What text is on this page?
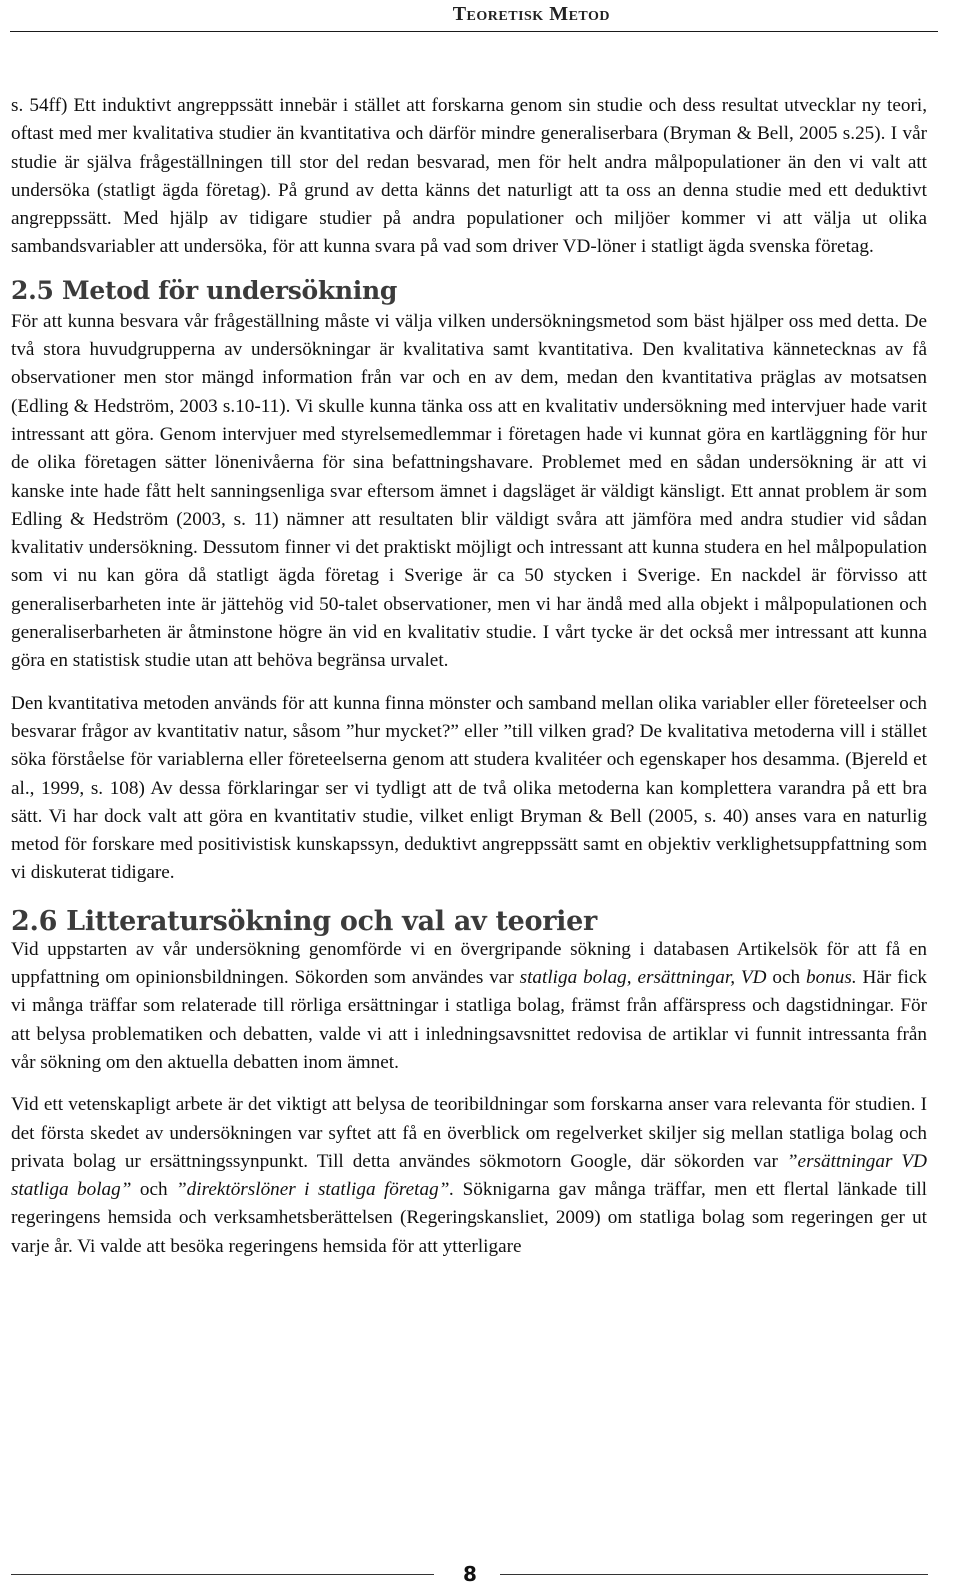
Teoretisk Metod

s. 54ff) Ett induktivt angreppssätt innebär i stället att forskarna genom sin studie och dess resultat utvecklar ny teori, oftast med mer kvalitativa studier än kvantitativa och därför mindre generaliserbara (Bryman & Bell, 2005 s.25). I vår studie är själva frågeställningen till stor del redan besvarad, men för helt andra målpopulationer än den vi valt att undersöka (statligt ägda företag). På grund av detta känns det naturligt att ta oss an denna studie med ett deduktivt angreppssätt. Med hjälp av tidigare studier på andra populationer och miljöer kommer vi att välja ut olika sambandsvariabler att undersöka, för att kunna svara på vad som driver VD-löner i statligt ägda svenska företag.

2.5 Metod för undersökning

För att kunna besvara vår frågeställning måste vi välja vilken undersökningsmetod som bäst hjälper oss med detta. De två stora huvudgrupperna av undersökningar är kvalitativa samt kvantitativa. Den kvalitativa kännetecknas av få observationer men stor mängd information från var och en av dem, medan den kvantitativa präglas av motsatsen (Edling & Hedström, 2003 s.10-11). Vi skulle kunna tänka oss att en kvalitativ undersökning med intervjuer hade varit intressant att göra. Genom intervjuer med styrelsemedlemmar i företagen hade vi kunnat göra en kartläggning för hur de olika företagen sätter lönenivåerna för sina befattningshavare. Problemet med en sådan undersökning är att vi kanske inte hade fått helt sanningsenliga svar eftersom ämnet i dagsläget är väldigt känsligt. Ett annat problem är som Edling & Hedström (2003, s. 11) nämner att resultaten blir väldigt svåra att jämföra med andra studier vid sådan kvalitativ undersökning. Dessutom finner vi det praktiskt möjligt och intressant att kunna studera en hel målpopulation som vi nu kan göra då statligt ägda företag i Sverige är ca 50 stycken i Sverige. En nackdel är förvisso att generaliserbarheten inte är jättehög vid 50-talet observationer, men vi har ändå med alla objekt i målpopulationen och generaliserbarheten är åtminstone högre än vid en kvalitativ studie. I vårt tycke är det också mer intressant att kunna göra en statistisk studie utan att behöva begränsa urvalet.

Den kvantitativa metoden används för att kunna finna mönster och samband mellan olika variabler eller företeelser och besvarar frågor av kvantitativ natur, såsom ”hur mycket?” eller ”till vilken grad? De kvalitativa metoderna vill i stället söka förståelse för variablerna eller företeelserna genom att studera kvalitéer och egenskaper hos desamma. (Bjereld et al., 1999, s. 108) Av dessa förklaringar ser vi tydligt att de två olika metoderna kan komplettera varandra på ett bra sätt. Vi har dock valt att göra en kvantitativ studie, vilket enligt Bryman & Bell (2005, s. 40) anses vara en naturlig metod för forskare med positivistisk kunskapssyn, deduktivt angreppssätt samt en objektiv verklighetsuppfattning som vi diskuterat tidigare.

2.6 Litteratursökning och val av teorier

Vid uppstarten av vår undersökning genomförde vi en övergripande sökning i databasen Artikelsök för att få en uppfattning om opinionsbildningen. Sökorden som användes var statliga bolag, ersättningar, VD och bonus. Här fick vi många träffar som relaterade till rörliga ersättningar i statliga bolag, främst från affärspress och dagstidningar. För att belysa problematiken och debatten, valde vi att i inledningsavsnittet redovisa de artiklar vi funnit intressanta från vår sökning om den aktuella debatten inom ämnet.

Vid ett vetenskapligt arbete är det viktigt att belysa de teoribildningar som forskarna anser vara relevanta för studien. I det första skedet av undersökningen var syftet att få en överblick om regelverket skiljer sig mellan statliga bolag och privata bolag ur ersättningssynpunkt. Till detta användes sökmotorn Google, där sökorden var ”ersättningar VD statliga bolag” och ”direktörslöner i statliga företag”. Söknigarna gav många träffar, men ett flertal länkade till regeringens hemsida och verksamhetsberättelsen (Regeringskansliet, 2009) om statliga bolag som regeringen ger ut varje år. Vi valde att besöka regeringens hemsida för att ytterligare

8
